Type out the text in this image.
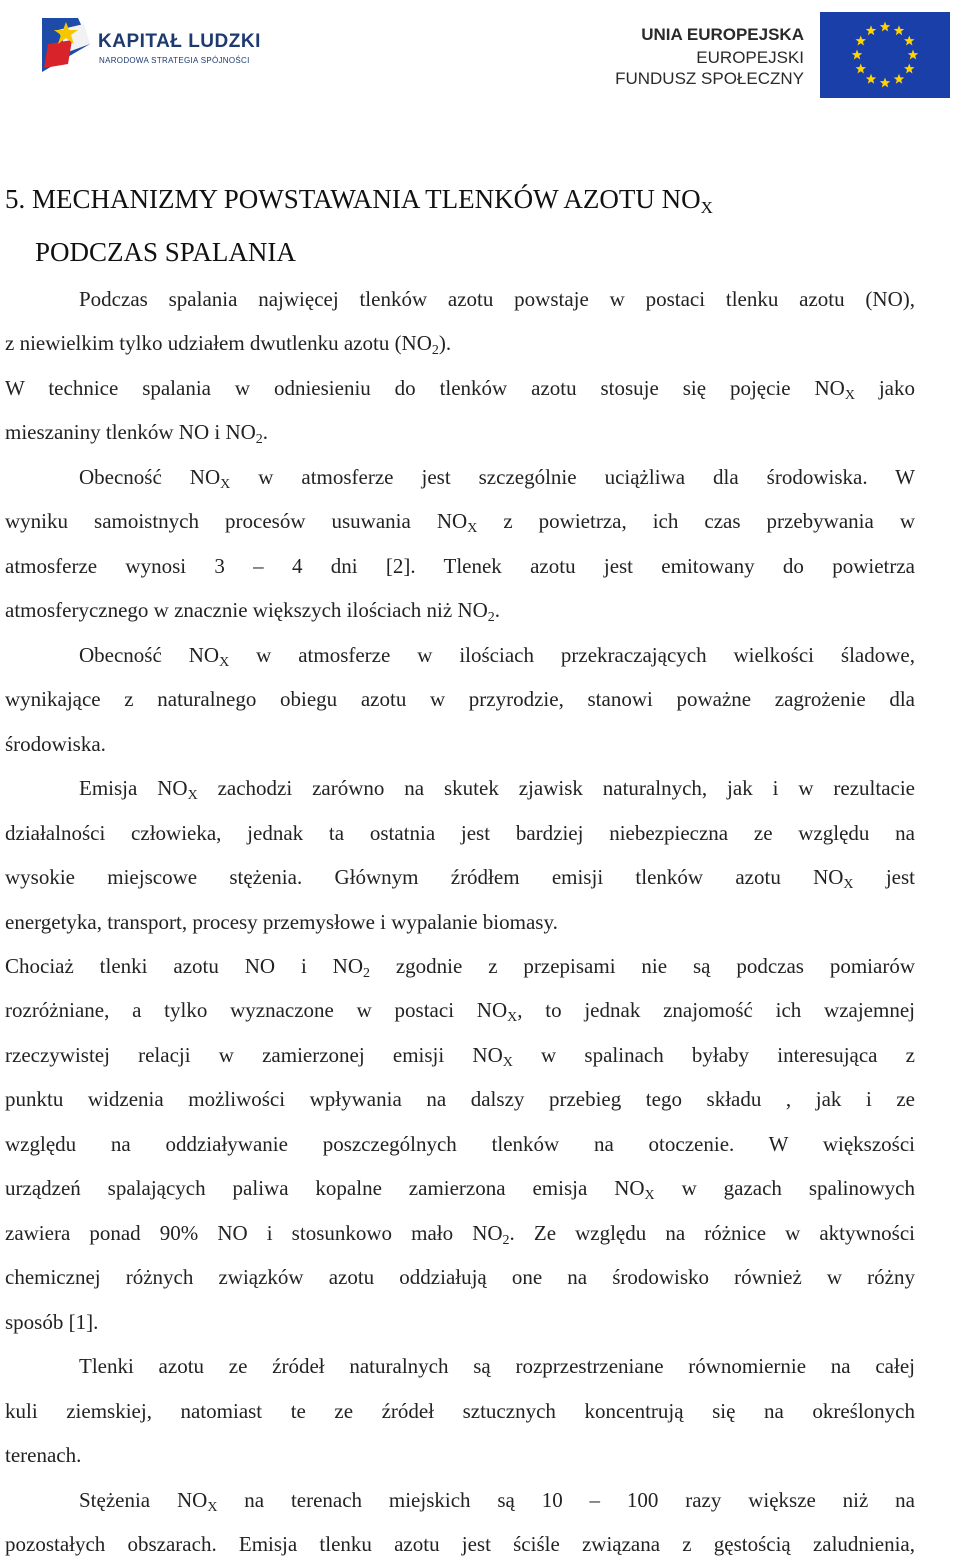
KAPITAŁ LUDZKI
NARODOWA STRATEGIA SPÓJNOŚCI
UNIA EUROPEJSKA
EUROPEJSKI
FUNDUSZ SPOŁECZNY
5. MECHANIZMY POWSTAWANIA TLENKÓW AZOTU $NO_X$
PODCZAS SPALANIA
Podczas spalania najwięcej tlenków azotu powstaje w postaci tlenku azotu (NO),
z niewielkim tylko udziałem dwutlenku azotu $(NO_2)$.
W technice spalania w odniesieniu do tlenków azotu stosuje się pojęcie $NO_X$ jako
mieszaniny tlenków NO i $NO_2$.
Obecność $NO_X$ w atmosferze jest szczególnie uciążliwa dla środowiska. W
wyniku samoistnych procesów usuwania $NO_X$ z powietrza, ich czas przebywania w
atmosferze wynosi 3 – 4 dni [2]. Tlenek azotu jest emitowany do powietrza
atmosferycznego w znacznie większych ilościach niż $NO_2$.
Obecność $NO_X$ w atmosferze w ilościach przekraczających wielkości śladowe,
wynikające z naturalnego obiegu azotu w przyrodzie, stanowi poważne zagrożenie dla
środowiska.
Emisja $NO_X$ zachodzi zarówno na skutek zjawisk naturalnych, jak i w rezultacie
działalności człowieka, jednak ta ostatnia jest bardziej niebezpieczna ze względu na
wysokie miejscowe stężenia. Głównym źródłem emisji tlenków azotu $NO_X$ jest
energetyka, transport, procesy przemysłowe i wypalanie biomasy.
Chociaż tlenki azotu NO i $NO_2$ zgodnie z przepisami nie są podczas pomiarów
rozróżniane, a tylko wyznaczone w postaci $NO_X$, to jednak znajomość ich wzajemnej
rzeczywistej relacji w zamierzonej emisji $NO_X$ w spalinach byłaby interesująca z
punktu widzenia możliwości wpływania na dalszy przebieg tego składu , jak i ze
względu na oddziaływanie poszczególnych tlenków na otoczenie. W większości
urządzeń spalających paliwa kopalne zamierzona emisja $NO_X$ w gazach spalinowych
zawiera ponad 90% NO i stosunkowo mało $NO_2$. Ze względu na różnice w aktywności
chemicznej różnych związków azotu oddziałują one na środowisko również w różny
sposób [1].
Tlenki azotu ze źródeł naturalnych są rozprzestrzeniane równomiernie na całej
kuli ziemskiej, natomiast te ze źródeł sztucznych koncentrują się na określonych
terenach.
Stężenia $NO_X$ na terenach miejskich są 10 – 100 razy większe niż na
pozostałych obszarach. Emisja tlenku azotu jest ściśle związana z gęstością zaludnienia,
